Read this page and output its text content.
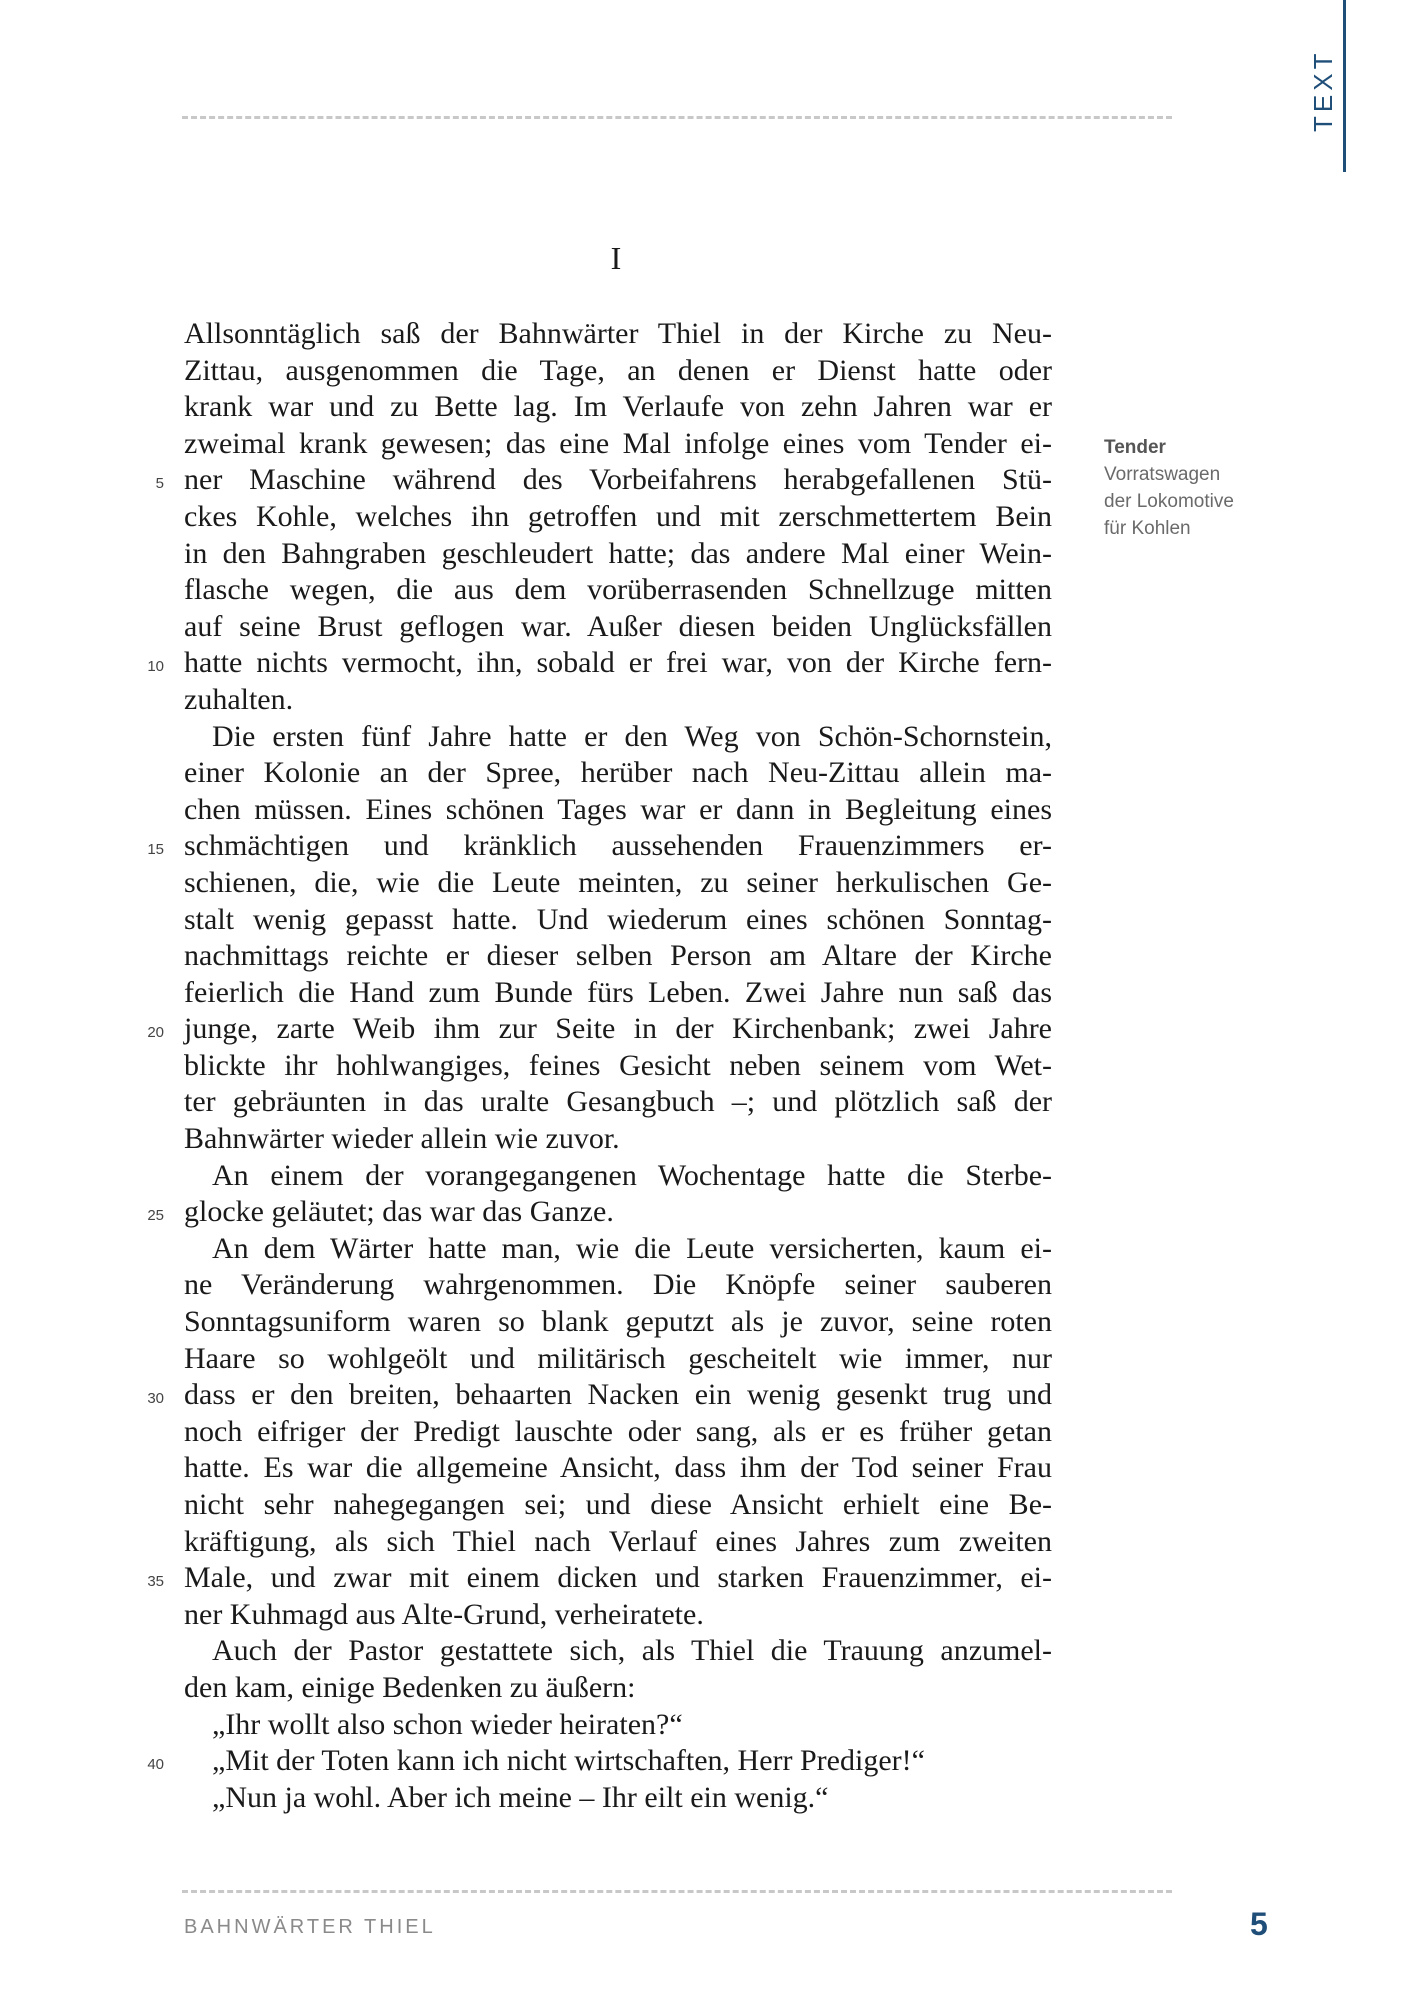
TEXT
I
Allsonntäglich saß der Bahnwärter Thiel in der Kirche zu Neu-
Zittau, ausgenommen die Tage, an denen er Dienst hatte oder
krank war und zu Bette lag. Im Verlaufe von zehn Jahren war er
zweimal krank gewesen; das eine Mal infolge eines vom Tender ei-
ner Maschine während des Vorbeifahrens herabgefallenen Stü-
ckes Kohle, welches ihn getroffen und mit zerschmettertem Bein
in den Bahngraben geschleudert hatte; das andere Mal einer Wein-
flasche wegen, die aus dem vorüberrasenden Schnellzuge mitten
auf seine Brust geflogen war. Außer diesen beiden Unglücksfällen
hatte nichts vermocht, ihn, sobald er frei war, von der Kirche fern-
zuhalten.
Die ersten fünf Jahre hatte er den Weg von Schön-Schornstein,
einer Kolonie an der Spree, herüber nach Neu-Zittau allein ma-
chen müssen. Eines schönen Tages war er dann in Begleitung eines
schmächtigen und kränklich aussehenden Frauenzimmers er-
schienen, die, wie die Leute meinten, zu seiner herkulischen Ge-
stalt wenig gepasst hatte. Und wiederum eines schönen Sonntag-
nachmittags reichte er dieser selben Person am Altare der Kirche
feierlich die Hand zum Bunde fürs Leben. Zwei Jahre nun saß das
junge, zarte Weib ihm zur Seite in der Kirchenbank; zwei Jahre
blickte ihr hohlwangiges, feines Gesicht neben seinem vom Wet-
ter gebräunten in das uralte Gesangbuch –; und plötzlich saß der
Bahnwärter wieder allein wie zuvor.
An einem der vorangegangenen Wochentage hatte die Sterbe-
glocke geläutet; das war das Ganze.
An dem Wärter hatte man, wie die Leute versicherten, kaum ei-
ne Veränderung wahrgenommen. Die Knöpfe seiner sauberen
Sonntagsuniform waren so blank geputzt als je zuvor, seine roten
Haare so wohlgeölt und militärisch gescheitelt wie immer, nur
dass er den breiten, behaarten Nacken ein wenig gesenkt trug und
noch eifriger der Predigt lauschte oder sang, als er es früher getan
hatte. Es war die allgemeine Ansicht, dass ihm der Tod seiner Frau
nicht sehr nahegegangen sei; und diese Ansicht erhielt eine Be-
kräftigung, als sich Thiel nach Verlauf eines Jahres zum zweiten
Male, und zwar mit einem dicken und starken Frauenzimmer, ei-
ner Kuhmagd aus Alte-Grund, verheiratete.
Auch der Pastor gestattete sich, als Thiel die Trauung anzumel-
den kam, einige Bedenken zu äußern:
„Ihr wollt also schon wieder heiraten?“
„Mit der Toten kann ich nicht wirtschaften, Herr Prediger!“
„Nun ja wohl. Aber ich meine – Ihr eilt ein wenig.“
5
10
15
20
25
30
35
40
Tender
Vorratswagen
der Lokomotive
für Kohlen
BAHNWÄRTER THIEL	5
